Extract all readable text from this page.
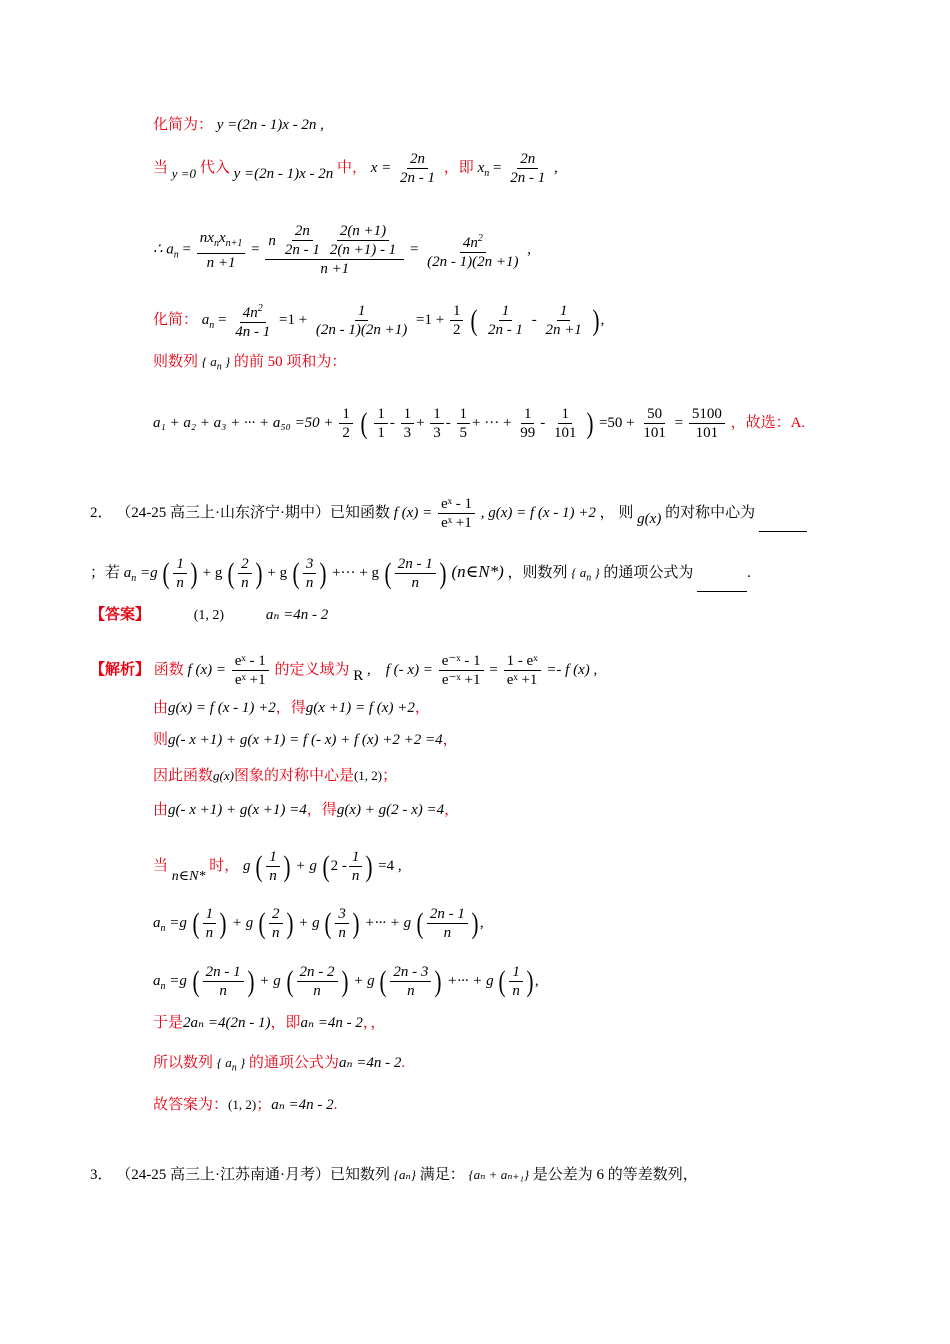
化简为： y =(2n - 1)x - 2n ,
当 y =0 代入 y =(2n - 1)x - 2n 中， $x = \frac{2n}{2n - 1}$ ，即 $x_n = \frac{2n}{2n - 1}$ ,
∴ $a_n = \frac{nx_nx_{n+1}}{n +1} = \frac{n \frac{2n}{2n - 1} \frac{2(n +1)}{2(n +1) - 1}}{n +1} = \frac{4n^2}{(2n - 1)(2n +1)}$ ,
化简： $a_n = \frac{4n^2}{4n - 1} =1 + \frac{1}{(2n - 1)(2n +1)} =1 + \frac{1}{2}$ ( $\frac{1}{2n - 1} - \frac{1}{2n +1}$ ) ,
则数列 { $a_n$ } 的前 50 项和为：
a₁ + a₂ + a₃ + ··· + $a_{50} =50 + \frac{1}{2}$ ( $\frac{1}{1} - \frac{1}{3} + \frac{1}{3} - \frac{1}{5}$ + ··· + $\frac{1}{99} - \frac{1}{101}$ ) $=50 + \frac{50}{101} = \frac{5100}{101}$ ，故选：A.
2． （24-25 高三上·山东济宁·期中）已知函数 f $(x) = \frac{\text{eˣ - 1}}{\text{eˣ +1}}$ , g(x) = f (x - 1) +2 ， 则 g(x) 的对称中心为
；若 $a_n =g$ ( $\frac{1}{n}$ ) + g ( $\frac{2}{n}$ ) + g ( $\frac{3}{n}$ ) +··· + g ( $\frac{2n - 1}{n}$ ) (n∈N*) ，则数列 { $a_n$ } 的通项公式为	.
【答案】	(1, 2)	aₙ =4n - 2
【解析】 函数 f $(x) = \frac{\text{eˣ - 1}}{\text{eˣ +1}}$ 的定义域为 R ,    f (- $x) = \frac{\text{e⁻ˣ - 1}}{\text{e⁻ˣ +1}} = \frac{\text{1 - eˣ}}{\text{eˣ +1}} =- f$ (x) ,
由g(x) = f (x - 1) +2，得g(x +1) = f (x) +2，
则g(- x +1) + g(x +1) = f (- x) + f (x) +2 +2 =4，
因此函数g(x)图象的对称中心是(1, 2)；
由g(- x +1) + g(x +1) =4，得g(x) + g(2 - x) =4，
当 n∈N* 时， g ( $\frac{1}{n}$ ) + g ( $2 - \frac{1}{n}$ ) =4 ,
$a_n =g$ ( $\frac{1}{n}$ ) + g ( $\frac{2}{n}$ ) + g ( $\frac{3}{n}$ ) +··· + g ( $\frac{2n - 1}{n}$ ) ,
$a_n =g$ ( $\frac{2n - 1}{n}$ ) + g ( $\frac{2n - 2}{n}$ ) + g ( $\frac{2n - 3}{n}$ ) +··· + g ( $\frac{1}{n}$ ) ,
于是2aₙ =4(2n - 1)，即aₙ =4n - 2，，
所以数列 { $a_n$ } 的通项公式为aₙ =4n - 2.
故答案为：(1, 2)；aₙ =4n - 2.
3． （24-25 高三上·江苏南通·月考）已知数列 {aₙ} 满足： {aₙ + aₙ₊₁} 是公差为 6 的等差数列，
